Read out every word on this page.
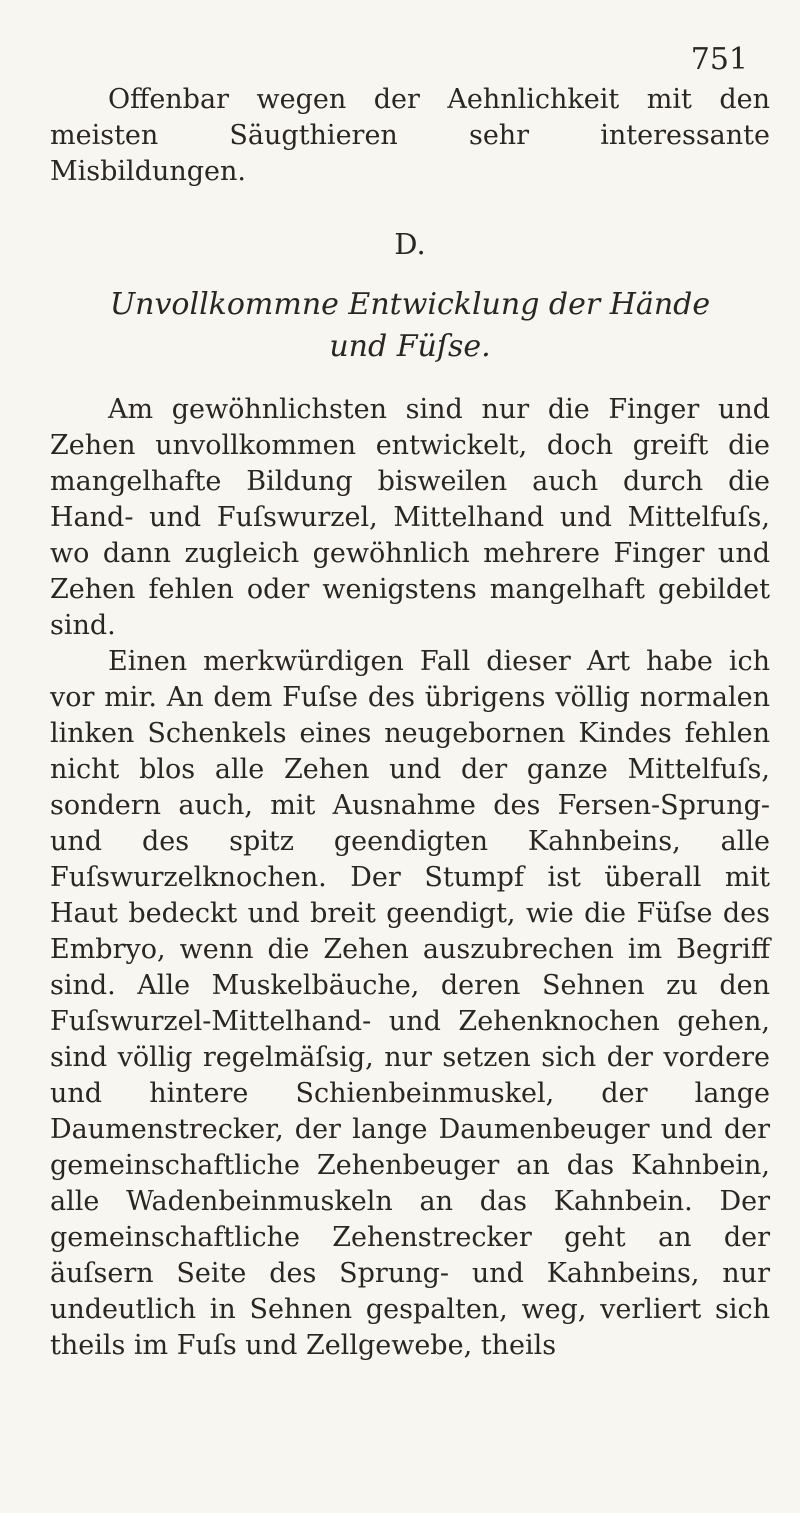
751

Offenbar wegen der Aehnlichkeit mit den meisten Säugthieren sehr interessante Misbildungen.

D.
Unvollkommne Entwicklung der Hände
und Füſse.

Am gewöhnlichsten sind nur die Finger und Zehen unvollkommen entwickelt, doch greift die mangelhafte Bildung bisweilen auch durch die Hand- und Fuſswurzel, Mittelhand und Mittelfuſs, wo dann zugleich gewöhnlich mehrere Finger und Zehen fehlen oder wenigstens mangelhaft gebildet sind.

Einen merkwürdigen Fall dieser Art habe ich vor mir. An dem Fuſse des übrigens völlig normalen linken Schenkels eines neugebornen Kindes fehlen nicht blos alle Zehen und der ganze Mittelfuſs, sondern auch, mit Ausnahme des Fersen-Sprung- und des spitz geendigten Kahnbeins, alle Fuſswurzelknochen. Der Stumpf ist überall mit Haut bedeckt und breit geendigt, wie die Füſse des Embryo, wenn die Zehen auszubrechen im Begriff sind. Alle Muskelbäuche, deren Sehnen zu den Fuſswurzel-Mittelhand- und Zehenknochen gehen, sind völlig regelmäſsig, nur setzen sich der vordere und hintere Schienbeinmuskel, der lange Daumenstrecker, der lange Daumenbeuger und der gemeinschaftliche Zehenbeuger an das Kahnbein, alle Wadenbeinmuskeln an das Kahnbein. Der gemeinschaftliche Zehenstrecker geht an der äuſsern Seite des Sprung- und Kahnbeins, nur undeutlich in Sehnen gespalten, weg, verliert sich theils im Fuſs und Zellgewebe, theils
